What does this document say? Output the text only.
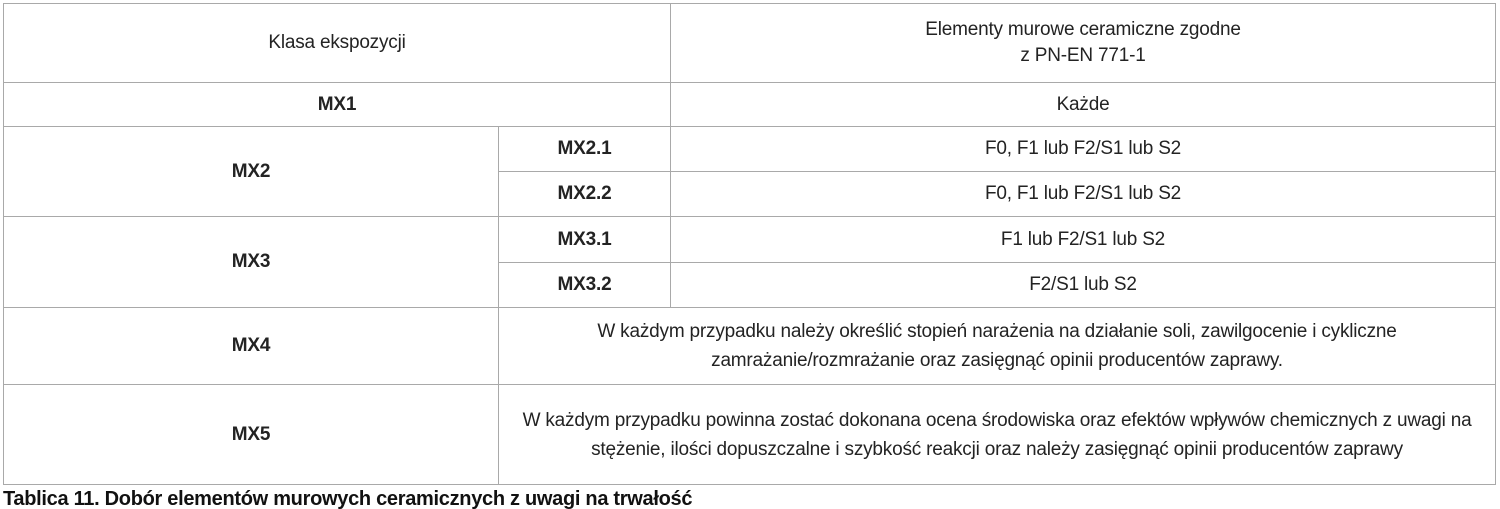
Klasa ekspozycji		Elementy murowe ceramiczne zgodne
z PN-EN 771-1

MX1		Każde
MX2	MX2.1	F0, F1 lub F2/S1 lub S2
	MX2.2	F0, F1 lub F2/S1 lub S2
MX3	MX3.1	F1 lub F2/S1 lub S2
	MX3.2	F2/S1 lub S2
MX4	W każdym przypadku należy określić stopień narażenia na działanie soli, zawilgocenie i cykliczne zamrażanie/rozmrażanie oraz zasięgnąć opinii producentów zaprawy.	
MX5	W każdym przypadku powinna zostać dokonana ocena środowiska oraz efektów wpływów chemicznych z uwagi na stężenie, ilości dopuszczalne i szybkość reakcji oraz należy zasięgnąć opinii producentów zaprawy	
Tablica 11. Dobór elementów murowych ceramicznych z uwagi na trwałość
